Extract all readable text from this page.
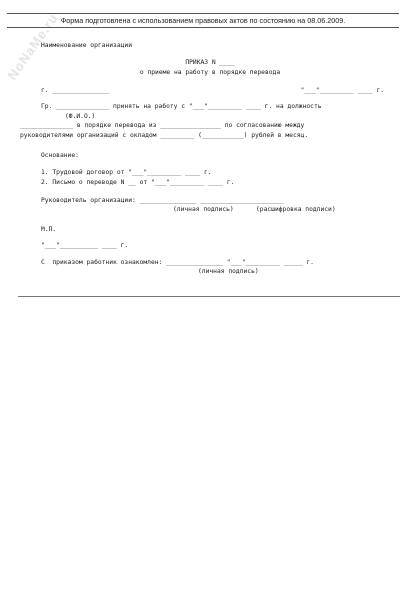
NoNaMe.ru Форма подготовлена с использованием правовых актов по состоянию на 08.06.2009.
Наименование организации
ПРИКАЗ N ____
о приеме на работу в порядке перевода
г. _______________	"___"_________ ____ г.
Гр. ______________ принять на работу с "___"_________ ____ г. на должность
(Ф.И.О.)
______________ в порядке перевода из ________________ по согласованию между
руководителями организаций с окладом _________ (___________) рублей в месяц.
Основание:
1. Трудовой договор от "___"_________ ____ г.
2. Письмо о переводе N __ от "___"_________ ____ г.
Руководитель организации: _______________ ______________________
(личная подпись)	(расшифровка подписи)
М.П.
"___"__________ ____ г.
С  приказом работник ознакомлен: _______________ "___"_________ _____ г.
(личная подпись)
